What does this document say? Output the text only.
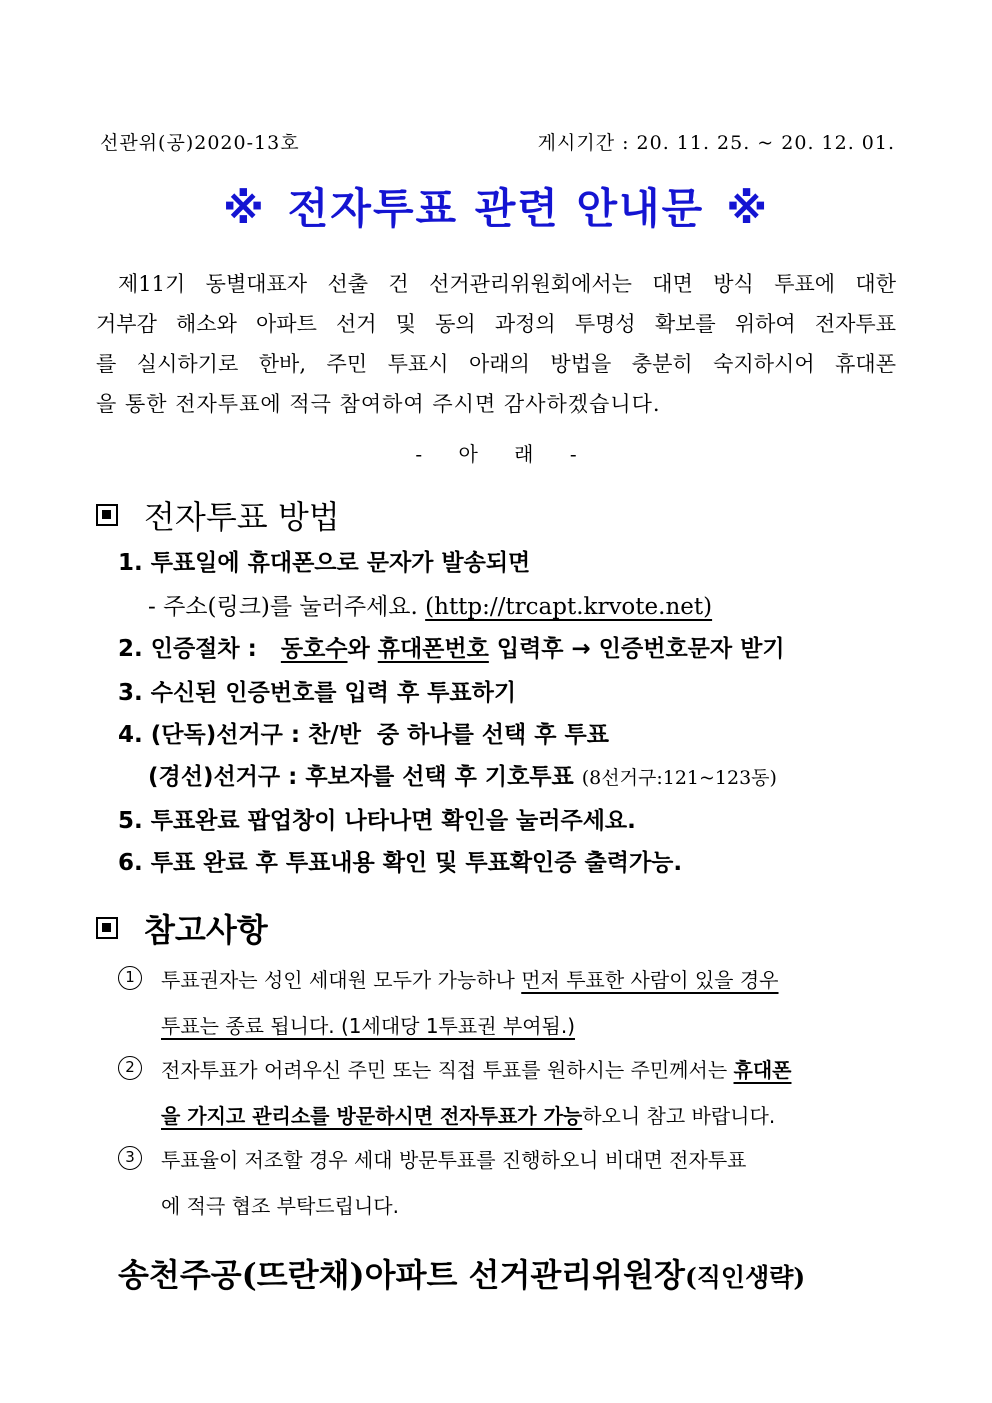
선관위(공)2020-13호	게시기간 : 20. 11. 25. ~ 20. 12. 01.
※ 전자투표 관련 안내문 ※

제11기 동별대표자 선출 건 선거관리위원회에서는 대면 방식 투표에 대한

거부감 해소와 아파트 선거 및 동의 과정의 투명성 확보를 위하여 전자투표

를 실시하기로 한바, 주민 투표시 아래의 방법을 충분히 숙지하시어 휴대폰

을 통한 전자투표에 적극 참여하여 주시면 감사하겠습니다.

- 아 래 -
전자투표 방법
1. 투표일에 휴대폰으로 문자가 발송되면
- 주소(링크)를 눌러주세요. (http://trcapt.krvote.net)
2. 인증절차 : 동호수와 휴대폰번호 입력후 → 인증번호문자 받기
3. 수신된 인증번호를 입력 후 투표하기
4. (단독)선거구 : 찬/반  중 하나를 선택 후 투표
(경선)선거구 : 후보자를 선택 후 기호투표 (8선거구:121~123동)
5. 투표완료 팝업창이 나타나면 확인을 눌러주세요.
6. 투표 완료 후 투표내용 확인 및 투표확인증 출력가능.
참고사항
1	투표권자는 성인 세대원 모두가 가능하나 먼저 투표한 사람이 있을 경우
투표는 종료 됩니다. (1세대당 1투표권 부여됨.)
2	전자투표가 어려우신 주민 또는 직접 투표를 원하시는 주민께서는 휴대폰
을 가지고 관리소를 방문하시면 전자투표가 가능하오니 참고 바랍니다.
3	투표율이 저조할 경우 세대 방문투표를 진행하오니 비대면 전자투표
에 적극 협조 부탁드립니다.
송천주공(뜨란채)아파트 선거관리위원장(직인생략)
